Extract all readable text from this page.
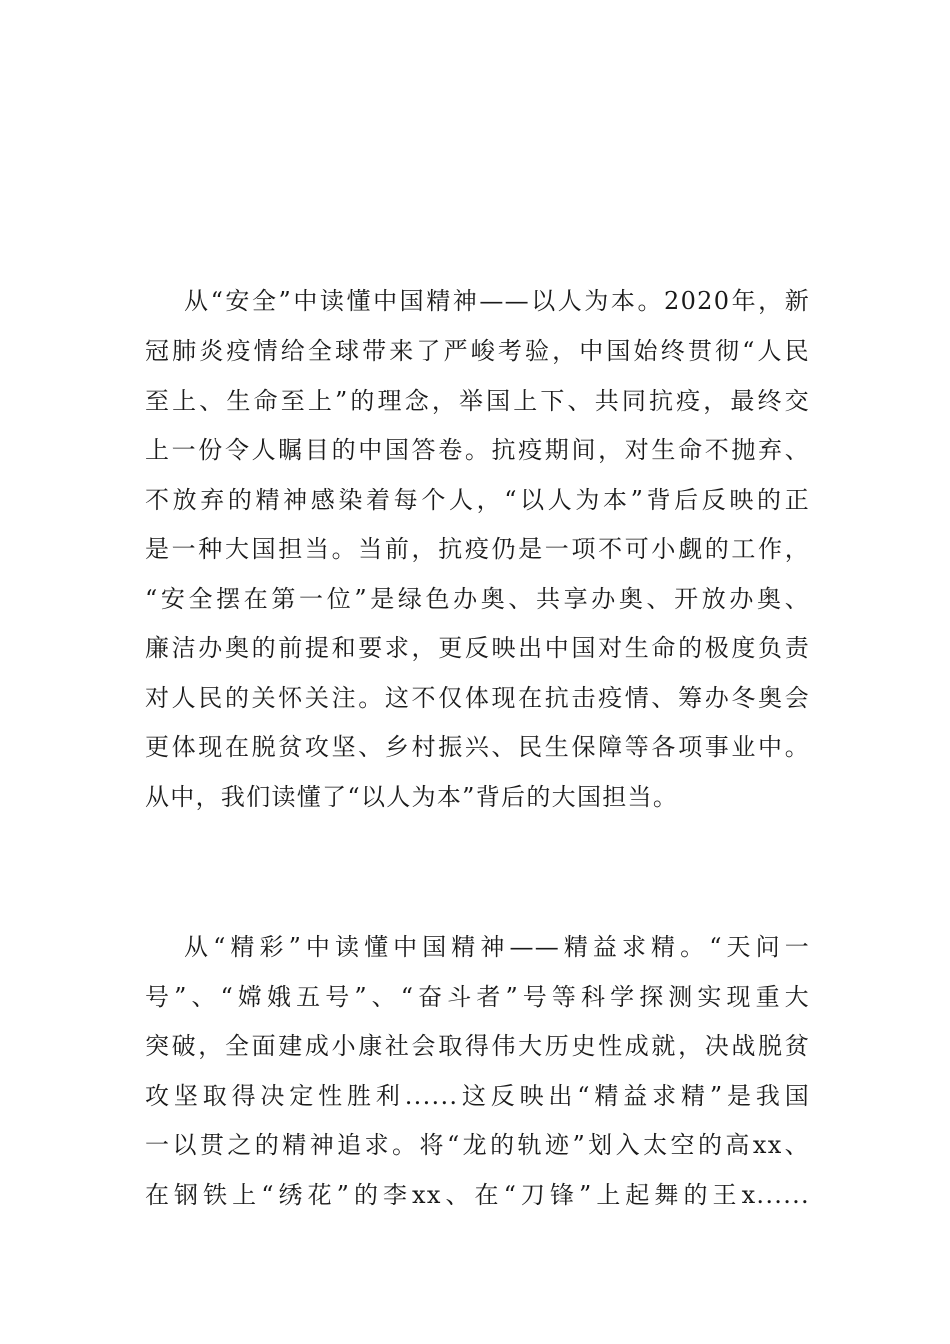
从“安全”中读懂中国精神——以人为本。2020年，新
冠肺炎疫情给全球带来了严峻考验，中国始终贯彻“人民
至上、生命至上”的理念，举国上下、共同抗疫，最终交
上一份令人瞩目的中国答卷。抗疫期间，对生命不抛弃、
不放弃的精神感染着每个人，“以人为本”背后反映的正
是一种大国担当。当前，抗疫仍是一项不可小觑的工作，
“安全摆在第一位”是绿色办奥、共享办奥、开放办奥、
廉洁办奥的前提和要求，更反映出中国对生命的极度负责
对人民的关怀关注。这不仅体现在抗击疫情、筹办冬奥会
更体现在脱贫攻坚、乡村振兴、民生保障等各项事业中。
从中，我们读懂了“以人为本”背后的大国担当。
从“精彩”中读懂中国精神——精益求精。“天问一
号”、“嫦娥五号”、“奋斗者”号等科学探测实现重大
突破，全面建成小康社会取得伟大历史性成就，决战脱贫
攻坚取得决定性胜利......这反映出“精益求精”是我国
一以贯之的精神追求。将“龙的轨迹”划入太空的高xx、
在钢铁上“绣花”的李xx、在“刀锋”上起舞的王x......
